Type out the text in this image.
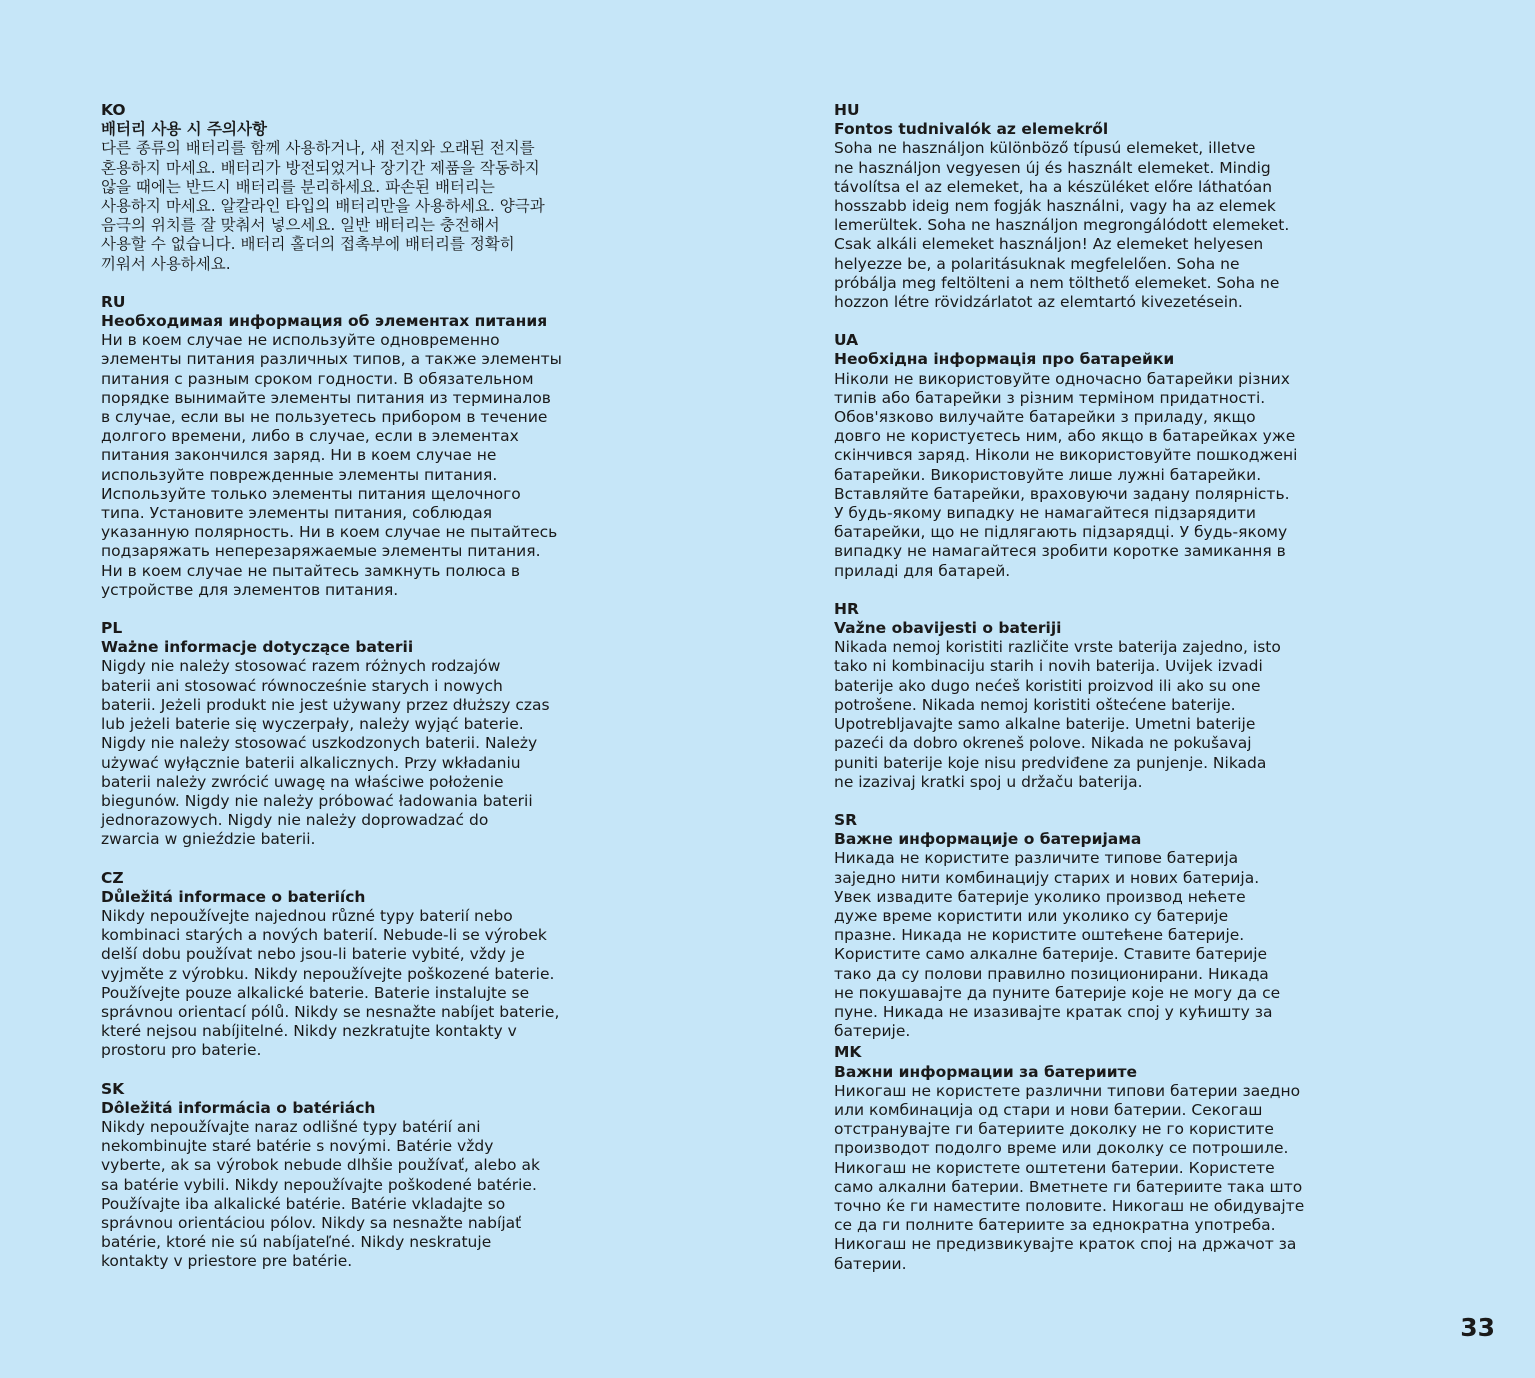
KO
배터리 사용 시 주의사항
다른 종류의 배터리를 함께 사용하거나, 새 전지와 오래된 전지를
혼용하지 마세요. 배터리가 방전되었거나 장기간 제품을 작동하지
않을 때에는 반드시 배터리를 분리하세요. 파손된 배터리는
사용하지 마세요. 알칼라인 타입의 배터리만을 사용하세요. 양극과
음극의 위치를 잘 맞춰서 넣으세요. 일반 배터리는 충전해서
사용할 수 없습니다. 배터리 홀더의 접촉부에 배터리를 정확히
끼워서 사용하세요.
RU
Необходимая информация об элементах питания
Ни в коем случае не используйте одновременно
элементы питания различных типов, а также элементы
питания с разным сроком годности. В обязательном
порядке вынимайте элементы питания из терминалов
в случае, если вы не пользуетесь прибором в течение
долгого времени, либо в случае, если в элементах
питания закончился заряд. Ни в коем случае не
используйте поврежденные элементы питания.
Используйте только элементы питания щелочного
типа. Установите элементы питания, соблюдая
указанную полярность. Ни в коем случае не пытайтесь
подзаряжать неперезаряжаемые элементы питания.
Ни в коем случае не пытайтесь замкнуть полюса в
устройстве для элементов питания.
PL
Ważne informacje dotyczące baterii
Nigdy nie należy stosować razem różnych rodzajów
baterii ani stosować równocześnie starych i nowych
baterii. Jeżeli produkt nie jest używany przez dłuższy czas
lub jeżeli baterie się wyczerpały, należy wyjąć baterie.
Nigdy nie należy stosować uszkodzonych baterii. Należy
używać wyłącznie baterii alkalicznych. Przy wkładaniu
baterii należy zwrócić uwagę na właściwe położenie
biegunów. Nigdy nie należy próbować ładowania baterii
jednorazowych. Nigdy nie należy doprowadzać do
zwarcia w gnieździe baterii.
CZ
Důležitá informace o bateriích
Nikdy nepoužívejte najednou různé typy baterií nebo
kombinaci starých a nových baterií. Nebude-li se výrobek
delší dobu používat nebo jsou-li baterie vybité, vždy je
vyjměte z výrobku. Nikdy nepoužívejte poškozené baterie.
Používejte pouze alkalické baterie. Baterie instalujte se
správnou orientací pólů. Nikdy se nesnažte nabíjet baterie,
které nejsou nabíjitelné. Nikdy nezkratujte kontakty v
prostoru pro baterie.
SK
Dôležitá informácia o batériách
Nikdy nepoužívajte naraz odlišné typy batérií ani
nekombinujte staré batérie s novými. Batérie vždy
vyberte, ak sa výrobok nebude dlhšie používať, alebo ak
sa batérie vybili. Nikdy nepoužívajte poškodené batérie.
Používajte iba alkalické batérie. Batérie vkladajte so
správnou orientáciou pólov. Nikdy sa nesnažte nabíjať
batérie, ktoré nie sú nabíjateľné. Nikdy neskratuje
kontakty v priestore pre batérie.
HU
Fontos tudnivalók az elemekről
Soha ne használjon különböző típusú elemeket, illetve
ne használjon vegyesen új és használt elemeket. Mindig
távolítsa el az elemeket, ha a készüléket előre láthatóan
hosszabb ideig nem fogják használni, vagy ha az elemek
lemerültek. Soha ne használjon megrongálódott elemeket.
Csak alkáli elemeket használjon! Az elemeket helyesen
helyezze be, a polaritásuknak megfelelően. Soha ne
próbálja meg feltölteni a nem tölthető elemeket. Soha ne
hozzon létre rövidzárlatot az elemtartó kivezetésein.
UA
Необхідна інформація про батарейки
Ніколи не використовуйте одночасно батарейки різних
типів або батарейки з різним терміном придатності.
Обов'язково вилучайте батарейки з приладу, якщо
довго не користуєтесь ним, або якщо в батарейках уже
скінчився заряд. Ніколи не використовуйте пошкоджені
батарейки. Використовуйте лише лужні батарейки.
Вставляйте батарейки, враховуючи задану полярність.
У будь-якому випадку не намагайтеся підзарядити
батарейки, що не підлягають підзарядці. У будь-якому
випадку не намагайтеся зробити коротке замикання в
приладі для батарей.
HR
Važne obavijesti o bateriji
Nikada nemoj koristiti različite vrste baterija zajedno, isto
tako ni kombinaciju starih i novih baterija. Uvijek izvadi
baterije ako dugo nećeš koristiti proizvod ili ako su one
potrošene. Nikada nemoj koristiti oštećene baterije.
Upotrebljavajte samo alkalne baterije. Umetni baterije
pazeći da dobro okreneš polove. Nikada ne pokušavaj
puniti baterije koje nisu predviđene za punjenje. Nikada
ne izazivaj kratki spoj u držaču baterija.
SR
Важне информације о батеријама
Никада не користите различите типове батерија
заједно нити комбинацију старих и нових батерија.
Увек извадите батерије уколико производ нећете
дуже време користити или уколико су батерије
празне. Никада не користите оштећене батерије.
Користите само алкалне батерије. Ставите батерије
тако да су полови правилно позиционирани. Никада
не покушавајте да пуните батерије које не могу да се
пуне. Никада не изазивајте кратак спој у кућишту за
батерије.
MK
Важни информации за батериите
Никогаш не користете различни типови батерии заедно
или комбинација од стари и нови батерии. Секогаш
отстранувајте ги батериите доколку не го користите
производот подолго време или доколку се потрошиле.
Никогаш не користете оштетени батерии. Користете
само алкални батерии. Вметнете ги батериите така што
точно ќе ги наместите половите. Никогаш не обидувајте
се да ги полните батериите за еднократна употреба.
Никогаш не предизвикувајте краток спој на држачот за
батерии.
33
